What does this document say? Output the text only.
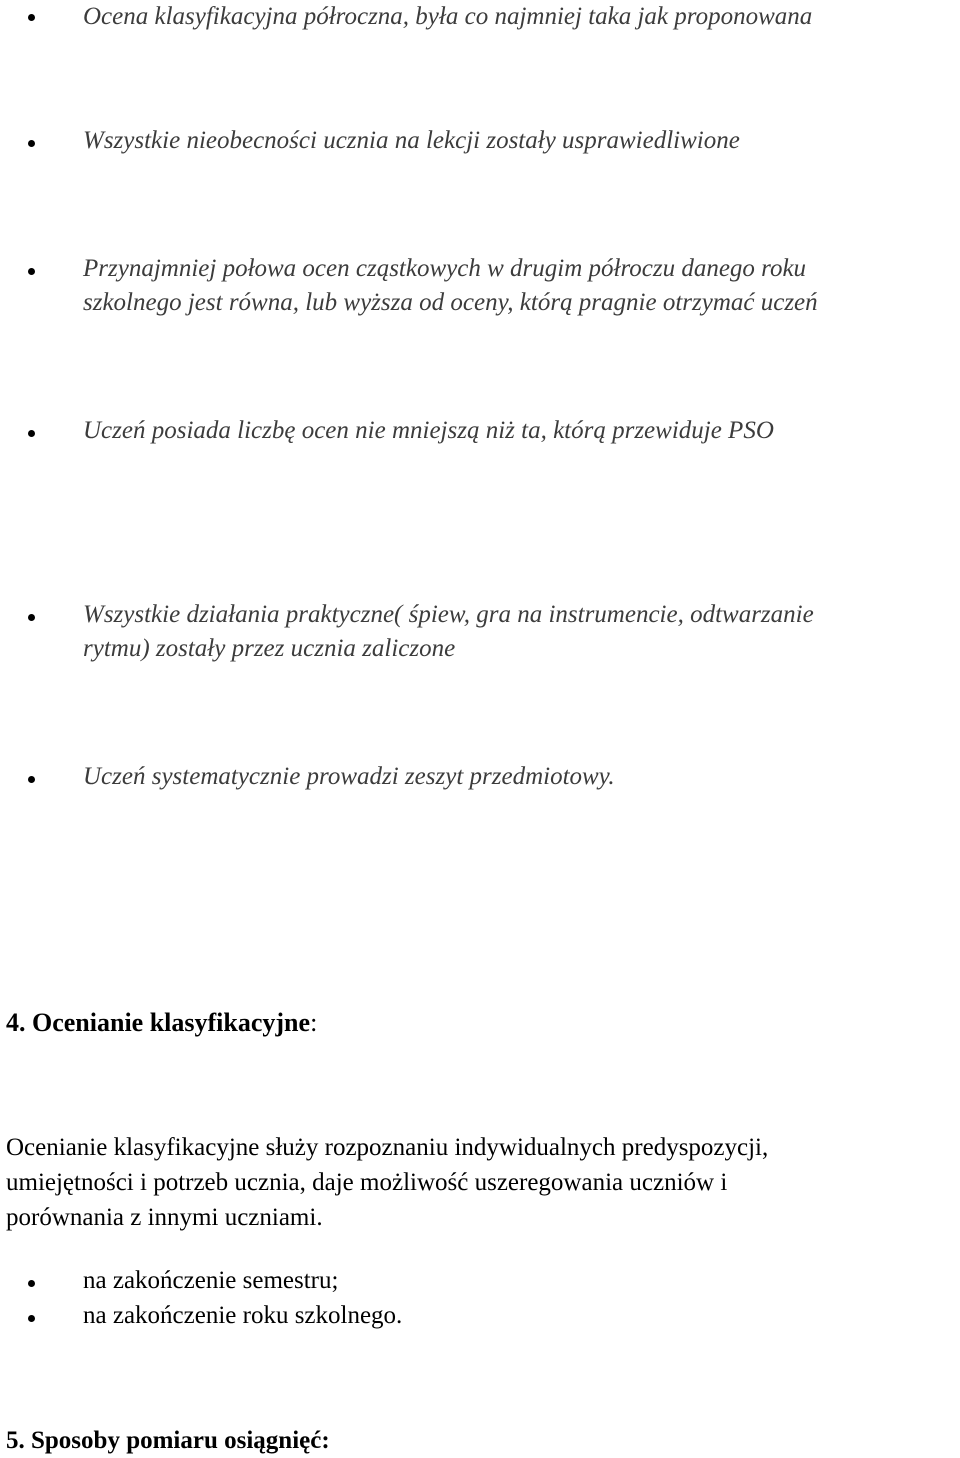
Ocena klasyfikacyjna półroczna, była co najmniej taka jak proponowana
Wszystkie nieobecności ucznia na lekcji zostały usprawiedliwione
Przynajmniej połowa ocen cząstkowych w drugim półroczu danego roku
szkolnego jest równa, lub wyższa od oceny, którą pragnie otrzymać uczeń
Uczeń posiada liczbę ocen nie mniejszą niż ta, którą przewiduje PSO
Wszystkie działania praktyczne( śpiew, gra na instrumencie, odtwarzanie
rytmu) zostały przez ucznia zaliczone
Uczeń systematycznie prowadzi zeszyt przedmiotowy.
4. Ocenianie klasyfikacyjne:
Ocenianie klasyfikacyjne służy rozpoznaniu indywidualnych predyspozycji,
umiejętności i potrzeb ucznia, daje możliwość uszeregowania uczniów i
porównania z innymi uczniami.
na zakończenie semestru;
na zakończenie roku szkolnego.
5. Sposoby pomiaru osiągnięć:
